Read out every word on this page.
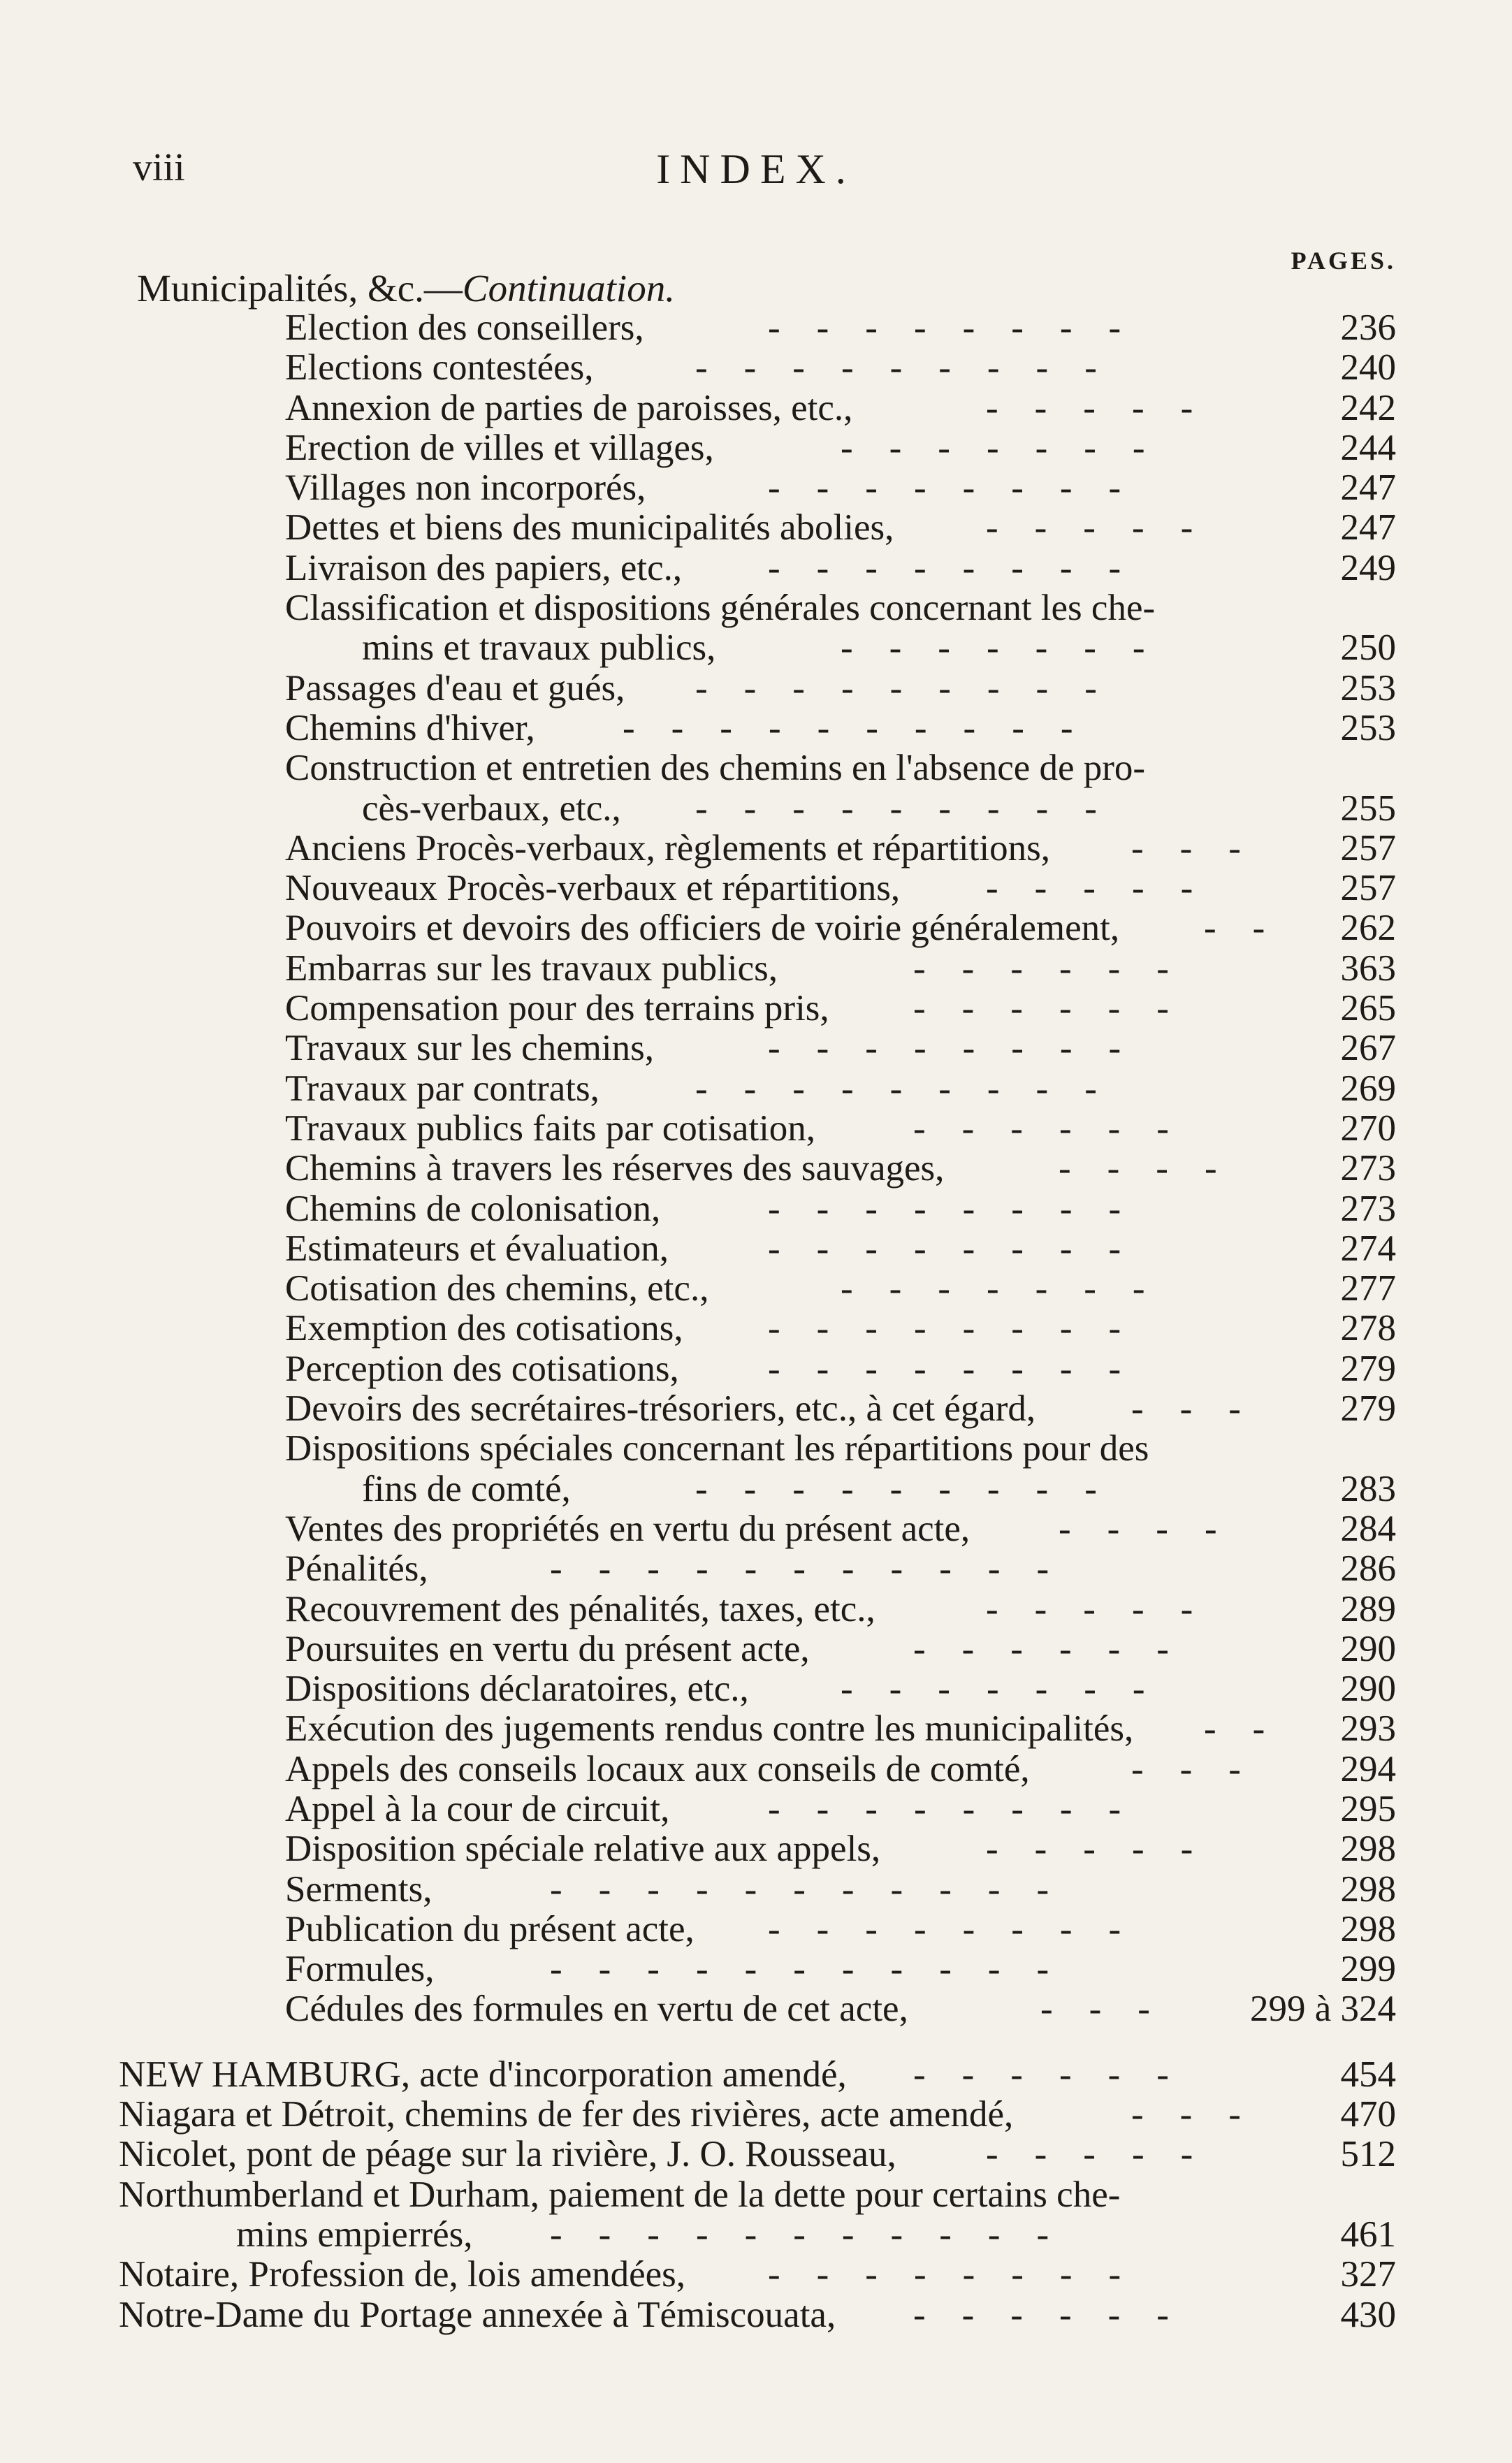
viii	INDEX.
PAGES.
Municipalités, &c.—Continuation.
Election des conseillers,	236
--------
Elections contestées,	240
---------
Annexion de parties de paroisses, etc.,	242
-----
Erection de villes et villages,	244
-------
Villages non incorporés,	247
--------
Dettes et biens des municipalités abolies,	247
-----
Livraison des papiers, etc.,	249
--------
Classification et dispositions générales concernant les che-
mins et travaux publics,	250
-------
Passages d'eau et gués,	253
---------
Chemins d'hiver,	253
----------
Construction et entretien des chemins en l'absence de pro-
cès-verbaux, etc.,	255
---------
Anciens Procès-verbaux, règlements et répartitions,	257
---
Nouveaux Procès-verbaux et répartitions,	257
-----
Pouvoirs et devoirs des officiers de voirie généralement,	262
--
Embarras sur les travaux publics,	363
------
Compensation pour des terrains pris,	265
------
Travaux sur les chemins,	267
--------
Travaux par contrats,	269
---------
Travaux publics faits par cotisation,	270
------
Chemins à travers les réserves des sauvages,	273
----
Chemins de colonisation,	273
--------
Estimateurs et évaluation,	274
--------
Cotisation des chemins, etc.,	277
-------
Exemption des cotisations,	278
--------
Perception des cotisations,	279
--------
Devoirs des secrétaires-trésoriers, etc., à cet égard,	279
---
Dispositions spéciales concernant les répartitions pour des
fins de comté,	283
---------
Ventes des propriétés en vertu du présent acte,	284
----
Pénalités,	286
-----------
Recouvrement des pénalités, taxes, etc.,	289
-----
Poursuites en vertu du présent acte,	290
------
Dispositions déclaratoires, etc.,	290
-------
Exécution des jugements rendus contre les municipalités,	293
--
Appels des conseils locaux aux conseils de comté,	294
---
Appel à la cour de circuit,	295
--------
Disposition spéciale relative aux appels,	298
-----
Serments,	298
-----------
Publication du présent acte,	298
--------
Formules,	299
-----------
Cédules des formules en vertu de cet acte,	299 à 324
---
NEW HAMBURG, acte d'incorporation amendé,	454
------
Niagara et Détroit, chemins de fer des rivières, acte amendé,	470
---
Nicolet, pont de péage sur la rivière, J. O. Rousseau,	512
-----
Northumberland et Durham, paiement de la dette pour certains che-
mins empierrés,	461
-----------
Notaire, Profession de, lois amendées,	327
--------
Notre-Dame du Portage annexée à Témiscouata,	430
------
